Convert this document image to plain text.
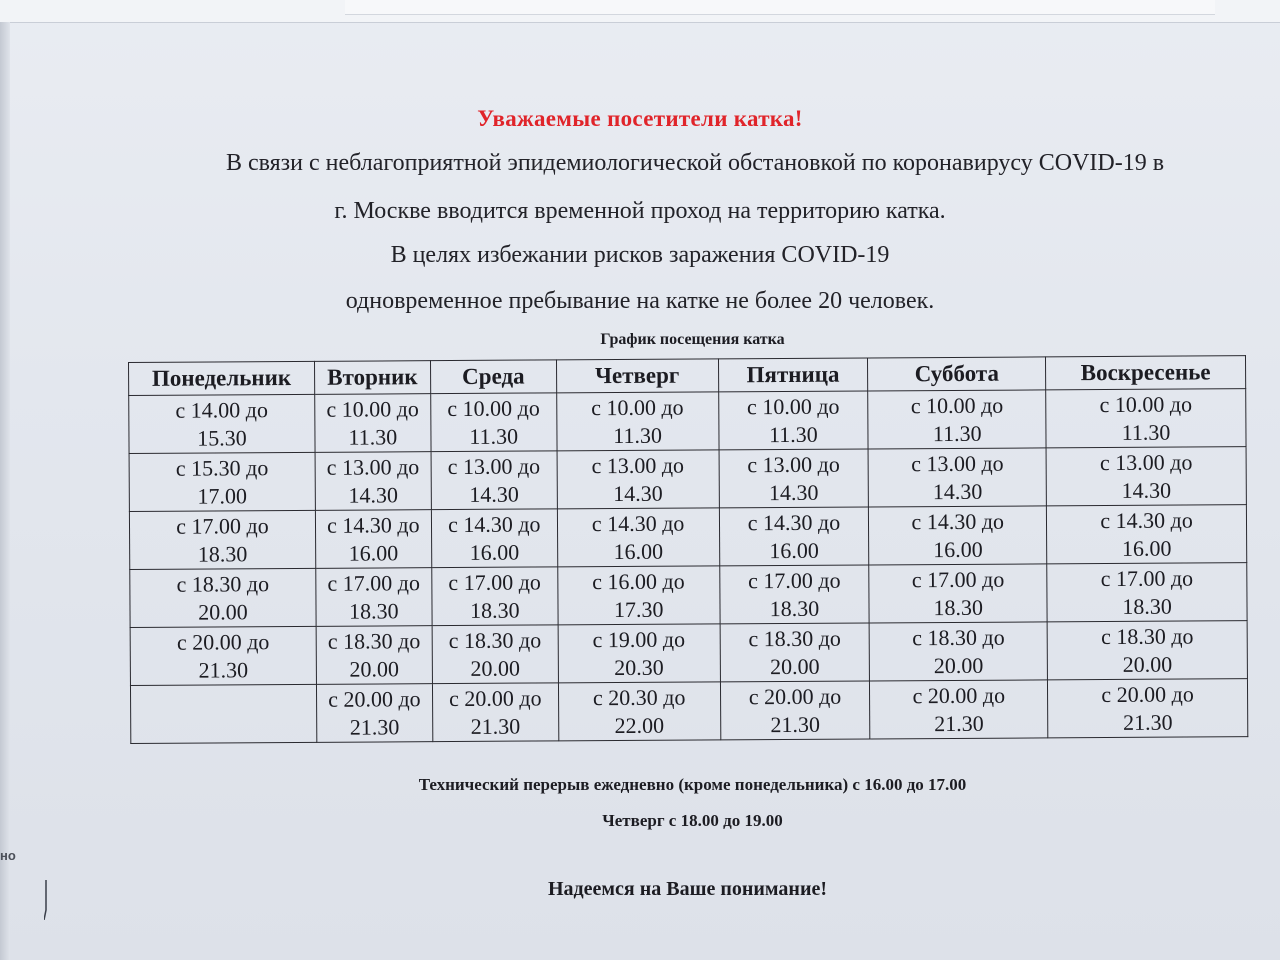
Уважаемые посетители катка!
В связи с неблагоприятной эпидемиологической обстановкой по коронавирусу COVID-19 в
г. Москве вводится временной проход на территорию катка.
В целях избежании рисков заражения COVID-19
одновременное пребывание на катке не более 20 человек.
График посещения катка
Понедельник	Вторник	Среда	Четверг	Пятница	Суббота	Воскресенье

с 14.00 до
15.30	с 10.00 до
11.30	с 10.00 до
11.30	с 10.00 до
11.30	с 10.00 до
11.30	с 10.00 до
11.30	с 10.00 до
11.30

с 15.30 до
17.00	с 13.00 до
14.30	с 13.00 до
14.30	с 13.00 до
14.30	с 13.00 до
14.30	с 13.00 до
14.30	с 13.00 до
14.30

с 17.00 до
18.30	с 14.30 до
16.00	с 14.30 до
16.00	с 14.30 до
16.00	с 14.30 до
16.00	с 14.30 до
16.00	с 14.30 до
16.00

с 18.30 до
20.00	с 17.00 до
18.30	с 17.00 до
18.30	с 16.00 до
17.30	с 17.00 до
18.30	с 17.00 до
18.30	с 17.00 до
18.30

с 20.00 до
21.30	с 18.30 до
20.00	с 18.30 до
20.00	с 19.00 до
20.30	с 18.30 до
20.00	с 18.30 до
20.00	с 18.30 до
20.00

	с 20.00 до
21.30	с 20.00 до
21.30	с 20.30 до
22.00	с 20.00 до
21.30	с 20.00 до
21.30	с 20.00 до
21.30
Технический перерыв ежедневно (кроме понедельника) с 16.00 до 17.00
Четверг с 18.00 до 19.00
Надеемся на Ваше понимание!
но
